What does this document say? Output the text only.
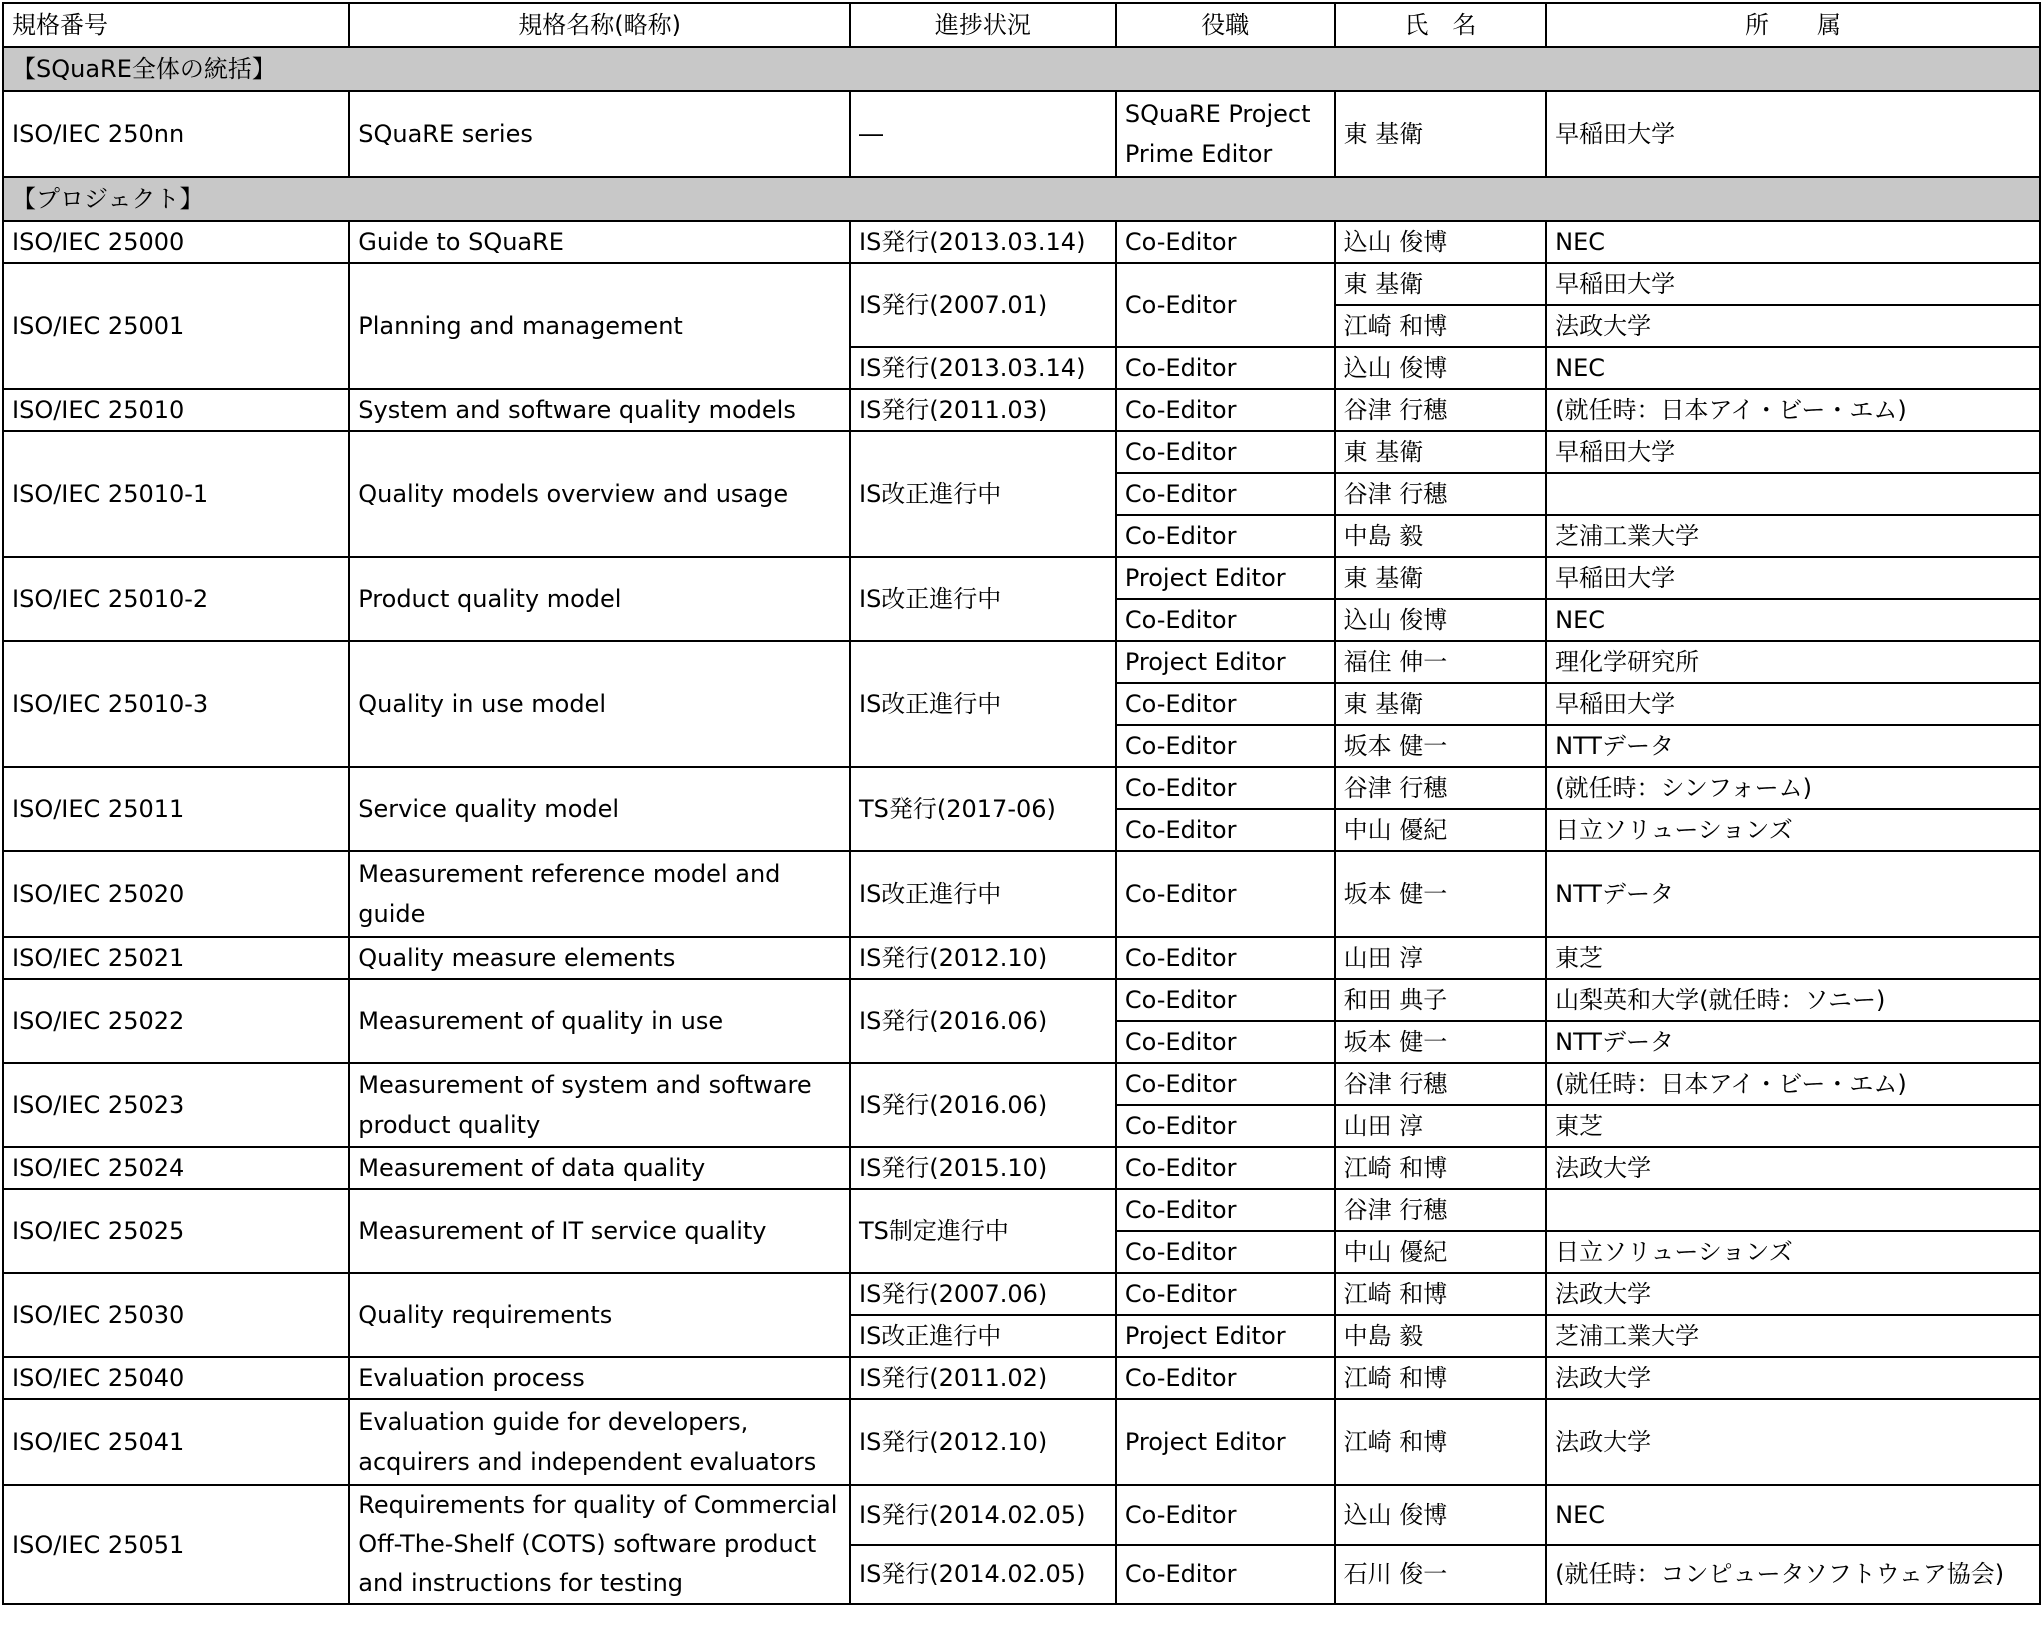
規格番号	規格名称(略称)	進捗状況	役職	氏　名	所　　属
【SQuaRE全体の統括】					
ISO/IEC 250nn	SQuaRE series	―	SQuaRE Project Prime Editor	東 基衛	早稲田大学
【プロジェクト】					
ISO/IEC 25000	Guide to SQuaRE	IS発行(2013.03.14)	Co-Editor	込山 俊博	NEC
ISO/IEC 25001	Planning and management	IS発行(2007.01)	Co-Editor	東 基衛	早稲田大学
				江崎 和博	法政大学
		IS発行(2013.03.14)	Co-Editor	込山 俊博	NEC
ISO/IEC 25010	System and software quality models	IS発行(2011.03)	Co-Editor	谷津 行穗	(就任時：日本アイ・ビー・エム)
ISO/IEC 25010-1	Quality models overview and usage	IS改正進行中	Co-Editor	東 基衛	早稲田大学
			Co-Editor	谷津 行穗	
			Co-Editor	中島 毅	芝浦工業大学
ISO/IEC 25010-2	Product quality model	IS改正進行中	Project Editor	東 基衛	早稲田大学
			Co-Editor	込山 俊博	NEC
ISO/IEC 25010-3	Quality in use model	IS改正進行中	Project Editor	福住 伸一	理化学研究所
			Co-Editor	東 基衛	早稲田大学
			Co-Editor	坂本 健一	NTTデータ
ISO/IEC 25011	Service quality model	TS発行(2017-06)	Co-Editor	谷津 行穗	(就任時：シンフォーム)
			Co-Editor	中山 優紀	日立ソリューションズ
ISO/IEC 25020	Measurement reference model and guide	IS改正進行中	Co-Editor	坂本 健一	NTTデータ
ISO/IEC 25021	Quality measure elements	IS発行(2012.10)	Co-Editor	山田 淳	東芝
ISO/IEC 25022	Measurement of quality in use	IS発行(2016.06)	Co-Editor	和田 典子	山梨英和大学(就任時：ソニー)
			Co-Editor	坂本 健一	NTTデータ
ISO/IEC 25023	Measurement of system and software product quality	IS発行(2016.06)	Co-Editor	谷津 行穗	(就任時：日本アイ・ビー・エム)
			Co-Editor	山田 淳	東芝
ISO/IEC 25024	Measurement of data quality	IS発行(2015.10)	Co-Editor	江崎 和博	法政大学
ISO/IEC 25025	Measurement of IT service quality	TS制定進行中	Co-Editor	谷津 行穗	
			Co-Editor	中山 優紀	日立ソリューションズ
ISO/IEC 25030	Quality requirements	IS発行(2007.06)	Co-Editor	江崎 和博	法政大学
		IS改正進行中	Project Editor	中島 毅	芝浦工業大学
ISO/IEC 25040	Evaluation process	IS発行(2011.02)	Co-Editor	江崎 和博	法政大学
ISO/IEC 25041	Evaluation guide for developers, acquirers and independent evaluators	IS発行(2012.10)	Project Editor	江崎 和博	法政大学
ISO/IEC 25051	Requirements for quality of Commercial Off-The-Shelf (COTS) software product and instructions for testing	IS発行(2014.02.05)	Co-Editor	込山 俊博	NEC
		IS発行(2014.02.05)	Co-Editor	石川 俊一	(就任時：コンピュータソフトウェア協会)
